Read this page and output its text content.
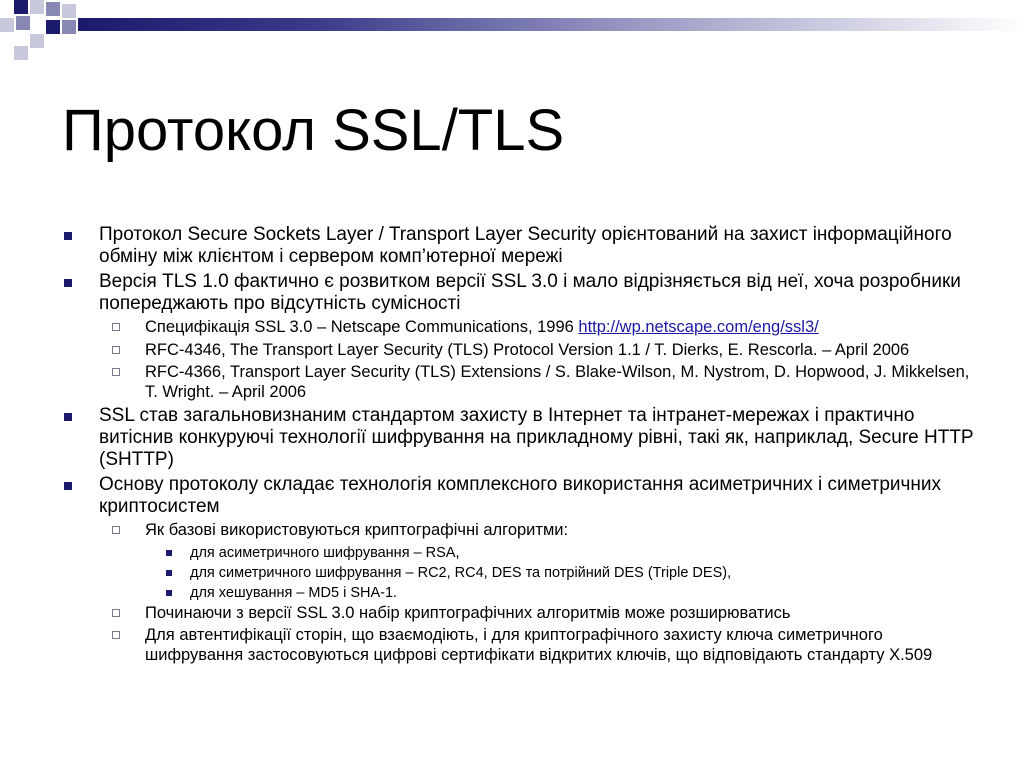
Протокол SSL/TLS
Протокол Secure Sockets Layer / Transport Layer Security орієнтований на захист інформаційного обміну між клієнтом і сервером комп’ютерної мережі
Версія TLS 1.0 фактично є розвитком версії SSL 3.0 і мало відрізняється від неї, хоча розробники попереджають про відсутність сумісності
Специфікація SSL 3.0 – Netscape Communications, 1996 http://wp.netscape.com/eng/ssl3/
RFC-4346, The Transport Layer Security (TLS) Protocol Version 1.1 / T. Dierks, E. Rescorla. – April 2006
RFC-4366, Transport Layer Security (TLS) Extensions / S. Blake-Wilson, M. Nystrom, D. Hopwood, J. Mikkelsen, T. Wright. – April 2006
SSL став загальновизнаним стандартом захисту в Інтернет та інтранет-мережах і практично витіснив конкуруючі технології шифрування на прикладному рівні, такі як, наприклад, Secure HTTP (SHTTP)
Основу протоколу складає технологія комплексного використання асиметричних і симетричних криптосистем
Як базові використовуються криптографічні алгоритми:
для асиметричного шифрування – RSA,
для симетричного шифрування – RC2, RC4, DES та потрійний DES (Triple DES),
для хешування – MD5 і SHA-1.
Починаючи з версії SSL 3.0 набір криптографічних алгоритмів може розширюватись
Для автентифікації сторін, що взаємодіють, і для криптографічного захисту ключа симетричного шифрування застосовуються цифрові сертифікати відкритих ключів, що відповідають стандарту Х.509
